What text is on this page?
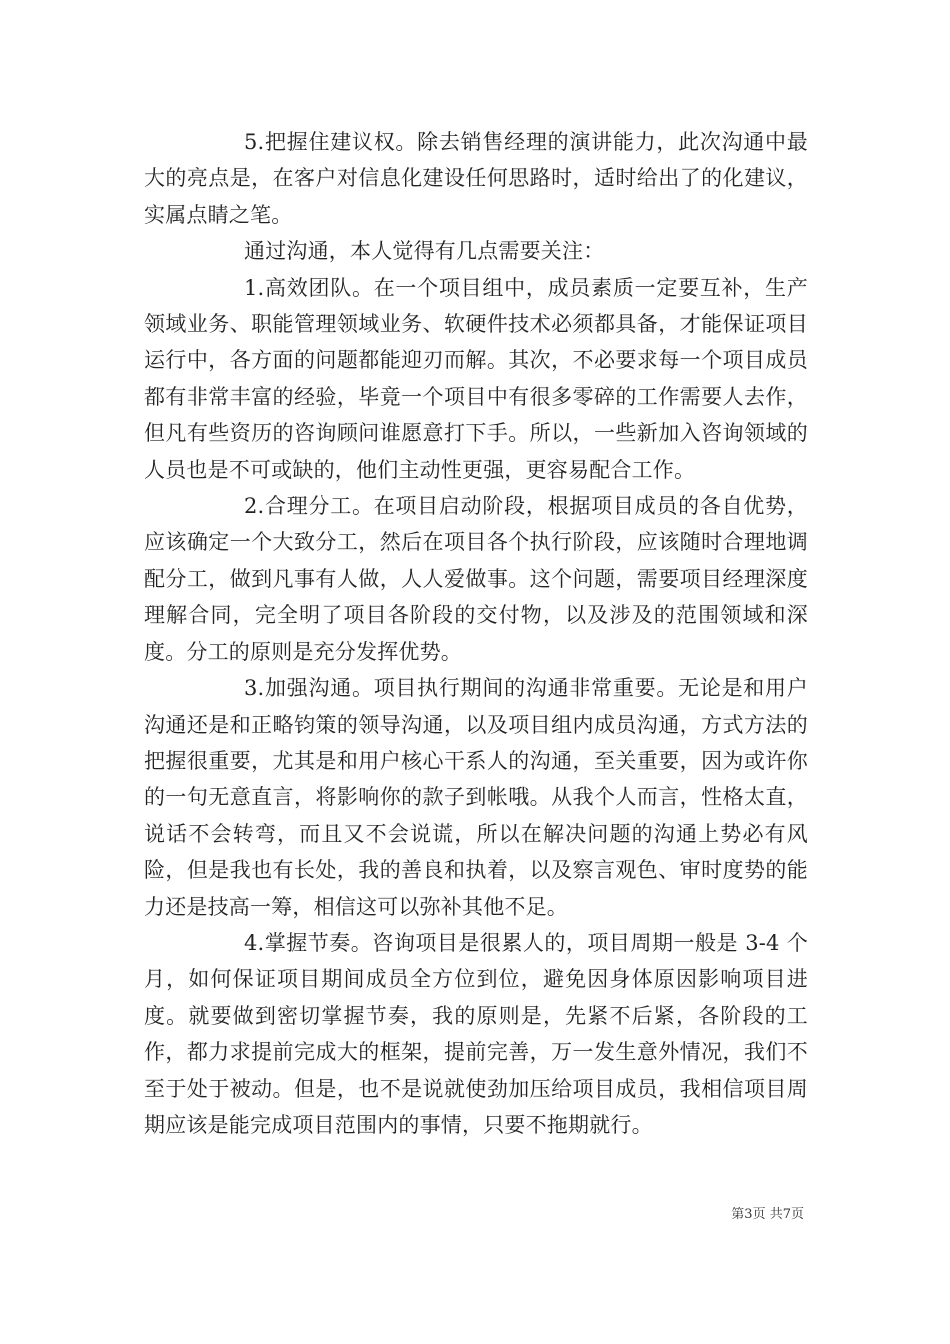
5.把握住建议权。除去销售经理的演讲能力，此次沟通中最大的亮点是，在客户对信息化建设任何思路时，适时给出了的化建议，实属点睛之笔。

通过沟通，本人觉得有几点需要关注：

1.高效团队。在一个项目组中，成员素质一定要互补，生产领域业务、职能管理领域业务、软硬件技术必须都具备，才能保证项目运行中，各方面的问题都能迎刃而解。其次，不必要求每一个项目成员都有非常丰富的经验，毕竟一个项目中有很多零碎的工作需要人去作，但凡有些资历的咨询顾问谁愿意打下手。所以，一些新加入咨询领域的人员也是不可或缺的，他们主动性更强，更容易配合工作。

2.合理分工。在项目启动阶段，根据项目成员的各自优势，应该确定一个大致分工，然后在项目各个执行阶段，应该随时合理地调配分工，做到凡事有人做，人人爱做事。这个问题，需要项目经理深度理解合同，完全明了项目各阶段的交付物，以及涉及的范围领域和深度。分工的原则是充分发挥优势。

3.加强沟通。项目执行期间的沟通非常重要。无论是和用户沟通还是和正略钧策的领导沟通，以及项目组内成员沟通，方式方法的把握很重要，尤其是和用户核心干系人的沟通，至关重要，因为或许你的一句无意直言，将影响你的款子到帐哦。从我个人而言，性格太直，说话不会转弯，而且又不会说谎，所以在解决问题的沟通上势必有风险，但是我也有长处，我的善良和执着，以及察言观色、审时度势的能力还是技高一筹，相信这可以弥补其他不足。

4.掌握节奏。咨询项目是很累人的，项目周期一般是 3-4 个月，如何保证项目期间成员全方位到位，避免因身体原因影响项目进度。就要做到密切掌握节奏，我的原则是，先紧不后紧，各阶段的工作，都力求提前完成大的框架，提前完善，万一发生意外情况，我们不至于处于被动。但是，也不是说就使劲加压给项目成员，我相信项目周期应该是能完成项目范围内的事情，只要不拖期就行。

第3页 共7页
